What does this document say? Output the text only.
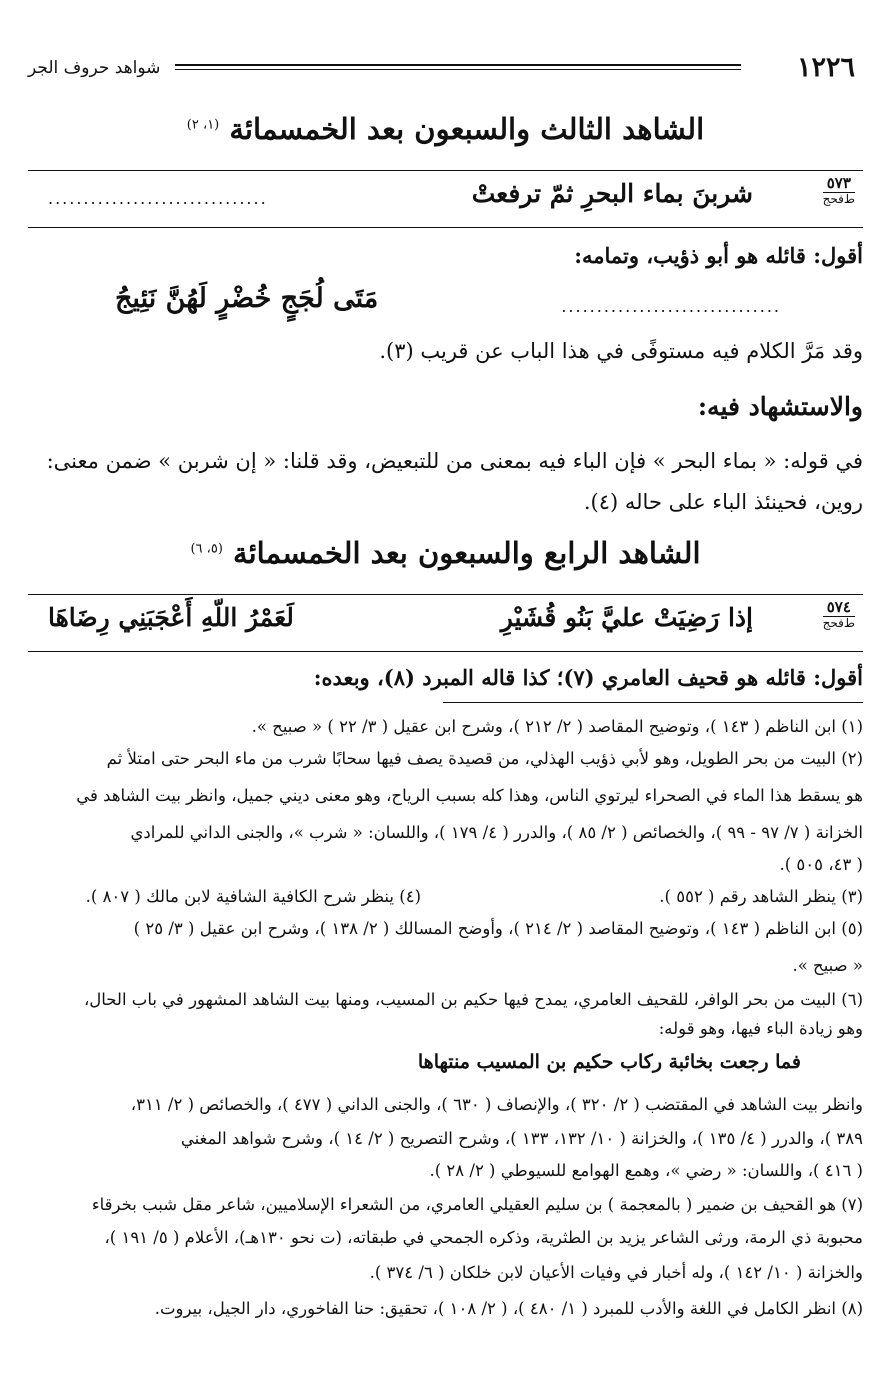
١٢٢٦
شواهد حروف الجر
الشاهد الثالث والسبعون بعد الخمسمائة $^{(١، ٢)}$
٥٧٣
ط‌‌فحج
شربنَ بماء البحرِ ثمّ ترفعتْ
...............................
أقول: قائله هو أبو ذؤيب، وتمامه:
...............................
مَتَى لُجَجٍ خُضْرٍ لَهُنَّ نَئِيجُ
وقد مَرَّ الكلام فيه مستوفًى في هذا الباب عن قريب (٣).
والاستشهاد فيه:
في قوله: « بماء البحر » فإن الباء فيه بمعنى من للتبعيض، وقد قلنا: « إن شربن » ضمن معنى:
روين، فحينئذ الباء على حاله (٤).
الشاهد الرابع والسبعون بعد الخمسمائة $^{(٥، ٦)}$
٥٧٤
ط‌‌فحج
إذا رَضِيَتْ عليَّ بَنُو قُشَيْرِ
لَعَمْرُ اللّهِ أَعْجَبَنِي رِضَاهَا
أقول: قائله هو قحيف العامري (٧)؛ كذا قاله المبرد (٨)، وبعده:
(١) ابن الناظم ( ١٤٣ )، وتوضيح المقاصد ( ٢/ ٢١٢ )، وشرح ابن عقيل ( ٣/ ٢٢ ) « صبيح ».
(٢) البيت من بحر الطويل، وهو لأبي ذؤيب الهذلي، من قصيدة يصف فيها سحابًا شرب من ماء البحر حتى امتلأ ثم
هو يسقط هذا الماء في الصحراء ليرتوي الناس، وهذا كله بسبب الرياح، وهو معنى ديني جميل، وانظر بيت الشاهد في
الخزانة ( ٧/ ٩٧ - ٩٩ )، والخصائص ( ٢/ ٨٥ )، والدرر ( ٤/ ١٧٩ )، واللسان: « شرب »، والجنى الداني للمرادي
( ٤٣، ٥٠٥ ).
(٣) ينظر الشاهد رقم ( ٥٥٢ ).
(٤) ينظر شرح الكافية الشافية لابن مالك ( ٨٠٧ ).
(٥) ابن الناظم ( ١٤٣ )، وتوضيح المقاصد ( ٢/ ٢١٤ )، وأوضح المسالك ( ٢/ ١٣٨ )، وشرح ابن عقيل ( ٣/ ٢٥ )
« صبيح ».
(٦) البيت من بحر الوافر، للقحيف العامري، يمدح فيها حكيم بن المسيب، ومنها بيت الشاهد المشهور في باب الحال،
وهو زيادة الباء فيها، وهو قوله:
فما رجعت بخائبة ركاب حكيم بن المسيب منتهاها
وانظر بيت الشاهد في المقتضب ( ٢/ ٣٢٠ )، والإنصاف ( ٦٣٠ )، والجنى الداني ( ٤٧٧ )، والخصائص ( ٢/ ٣١١،
٣٨٩ )، والدرر ( ٤/ ١٣٥ )، والخزانة ( ١٠/ ١٣٢، ١٣٣ )، وشرح التصريح ( ٢/ ١٤ )، وشرح شواهد المغني
( ٤١٦ )، واللسان: « رضي »، وهمع الهوامع للسيوطي ( ٢/ ٢٨ ).
(٧) هو القحيف بن ضمير ( بالمعجمة ) بن سليم العقيلي العامري، من الشعراء الإسلاميين، شاعر مقل شبب بخرقاء
محبوبة ذي الرمة، ورثى الشاعر يزيد بن الطثرية، وذكره الجمحي في طبقاته، (ت نحو ١٣٠هـ)، الأعلام ( ٥/ ١٩١ )،
والخزانة ( ١٠/ ١٤٢ )، وله أخبار في وفيات الأعيان لابن خلكان ( ٦/ ٣٧٤ ).
(٨) انظر الكامل في اللغة والأدب للمبرد ( ١/ ٤٨٠ )، ( ٢/ ١٠٨ )، تحقيق: حنا الفاخوري، دار الجيل، بيروت.
